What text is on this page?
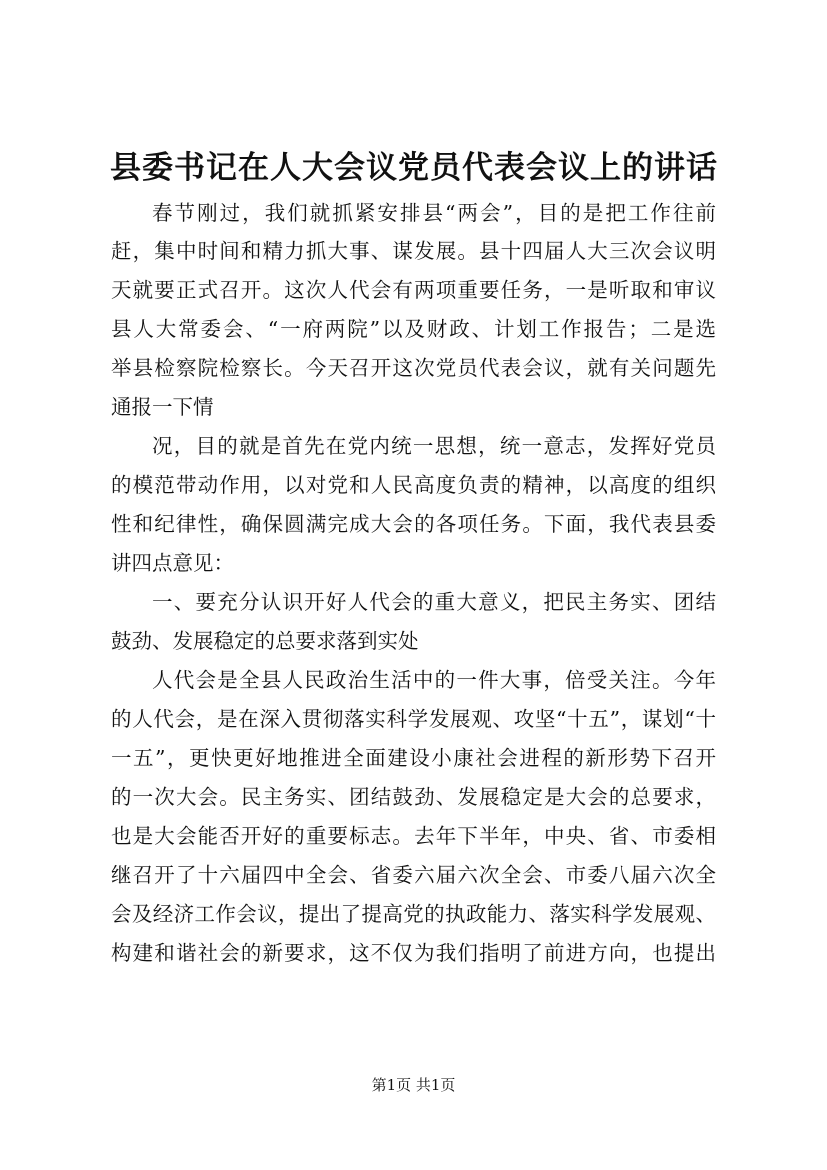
县委书记在人大会议党员代表会议上的讲话
春节刚过，我们就抓紧安排县“两会”，目的是把工作往前
赶，集中时间和精力抓大事、谋发展。县十四届人大三次会议明
天就要正式召开。这次人代会有两项重要任务，一是听取和审议
县人大常委会、“一府两院”以及财政、计划工作报告；二是选
举县检察院检察长。今天召开这次党员代表会议，就有关问题先
通报一下情
况，目的就是首先在党内统一思想，统一意志，发挥好党员
的模范带动作用，以对党和人民高度负责的精神，以高度的组织
性和纪律性，确保圆满完成大会的各项任务。下面，我代表县委
讲四点意见：
一、要充分认识开好人代会的重大意义，把民主务实、团结
鼓劲、发展稳定的总要求落到实处
人代会是全县人民政治生活中的一件大事，倍受关注。今年
的人代会，是在深入贯彻落实科学发展观、攻坚“十五”，谋划“十
一五”，更快更好地推进全面建设小康社会进程的新形势下召开
的一次大会。民主务实、团结鼓劲、发展稳定是大会的总要求，
也是大会能否开好的重要标志。去年下半年，中央、省、市委相
继召开了十六届四中全会、省委六届六次全会、市委八届六次全
会及经济工作会议，提出了提高党的执政能力、落实科学发展观、
构建和谐社会的新要求，这不仅为我们指明了前进方向，也提出
第1页 共1页
